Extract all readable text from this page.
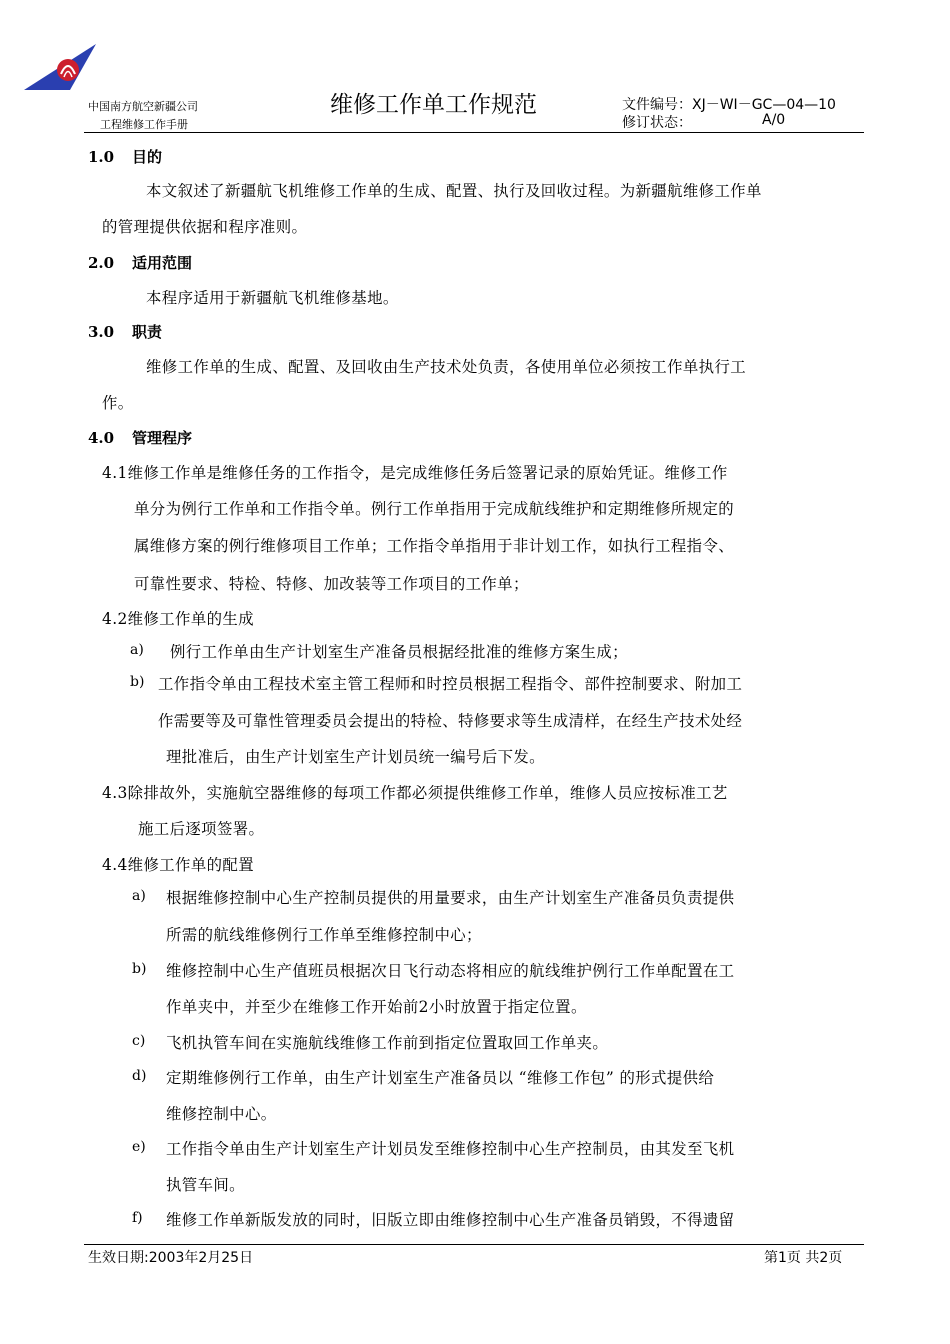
中国南方航空新疆公司
工程维修工作手册
维修工作单工作规范	文件编号：XJ－WI－GC—04—10
修订状态：	A/0
1.0 目的
本文叙述了新疆航飞机维修工作单的生成、配置、执行及回收过程。为新疆航维修工作单
的管理提供依据和程序准则。
2.0 适用范围
本程序适用于新疆航飞机维修基地。
3.0 职责
维修工作单的生成、配置、及回收由生产技术处负责，各使用单位必须按工作单执行工
作。
4.0 管理程序
4.1维修工作单是维修任务的工作指令，是完成维修任务后签署记录的原始凭证。维修工作
单分为例行工作单和工作指令单。例行工作单指用于完成航线维护和定期维修所规定的
属维修方案的例行维修项目工作单；工作指令单指用于非计划工作，如执行工程指令、
可靠性要求、特检、特修、加改装等工作项目的工作单；
4.2维修工作单的生成
a) 例行工作单由生产计划室生产准备员根据经批准的维修方案生成；
b) 工作指令单由工程技术室主管工程师和时控员根据工程指令、部件控制要求、附加工
作需要等及可靠性管理委员会提出的特检、特修要求等生成清样，在经生产技术处经
理批准后，由生产计划室生产计划员统一编号后下发。
4.3除排故外，实施航空器维修的每项工作都必须提供维修工作单，维修人员应按标准工艺
施工后逐项签署。
4.4维修工作单的配置
a) 根据维修控制中心生产控制员提供的用量要求，由生产计划室生产准备员负责提供
所需的航线维修例行工作单至维修控制中心；
b) 维修控制中心生产值班员根据次日飞行动态将相应的航线维护例行工作单配置在工
作单夹中，并至少在维修工作开始前2小时放置于指定位置。
c) 飞机执管车间在实施航线维修工作前到指定位置取回工作单夹。
d) 定期维修例行工作单，由生产计划室生产准备员以 “维修工作包” 的形式提供给
维修控制中心。
e) 工作指令单由生产计划室生产计划员发至维修控制中心生产控制员，由其发至飞机
执管车间。
f) 维修工作单新版发放的同时，旧版立即由维修控制中心生产准备员销毁，不得遗留
生效日期:2003年2月25日	第1页 共2页
